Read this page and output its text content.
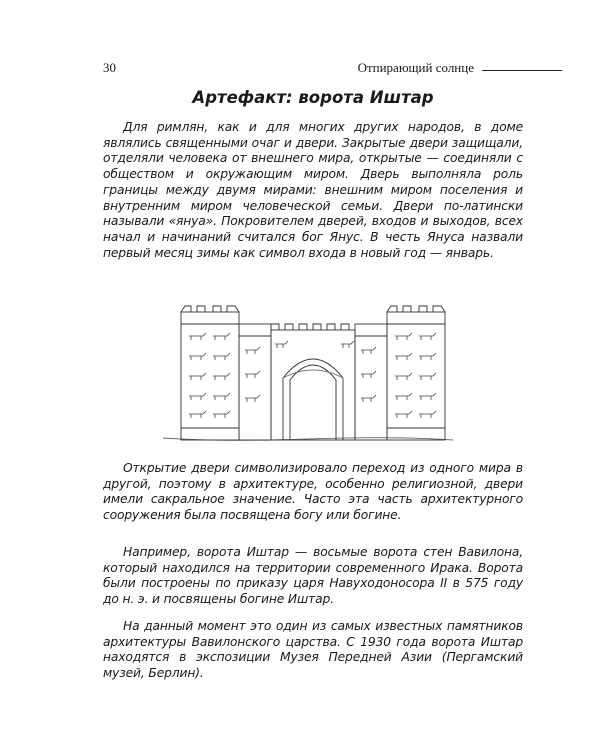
30	Отпирающий солнце
Артефакт: ворота Иштар

Для римлян, как и для многих других народов, в доме являлись священными очаг и двери. Закрытые двери защищали, отделяли человека от внешнего мира, открытые — соединяли с обществом и окружающим миром. Дверь выполняла роль границы между двумя мирами: внешним миром поселения и внутренним миром человеческой семьи. Двери по-латински называли «януа». Покровителем дверей, входов и выходов, всех начал и начинаний считался бог Янус. В честь Януса назвали первый месяц зимы как символ входа в новый год — январь.

Открытие двери символизировало переход из одного мира в другой, поэтому в архитектуре, особенно религиозной, двери имели сакральное значение. Часто эта часть архитектурного сооружения была посвящена богу или богине.

Например, ворота Иштар — восьмые ворота стен Вавилона, который находился на территории современного Ирака. Ворота были построены по приказу царя Навуходоносора II в 575 году до н. э. и посвящены богине Иштар.

На данный момент это один из самых известных памятников архитектуры Вавилонского царства. С 1930 года ворота Иштар находятся в экспозиции Музея Передней Азии (Пергамский музей, Берлин).
